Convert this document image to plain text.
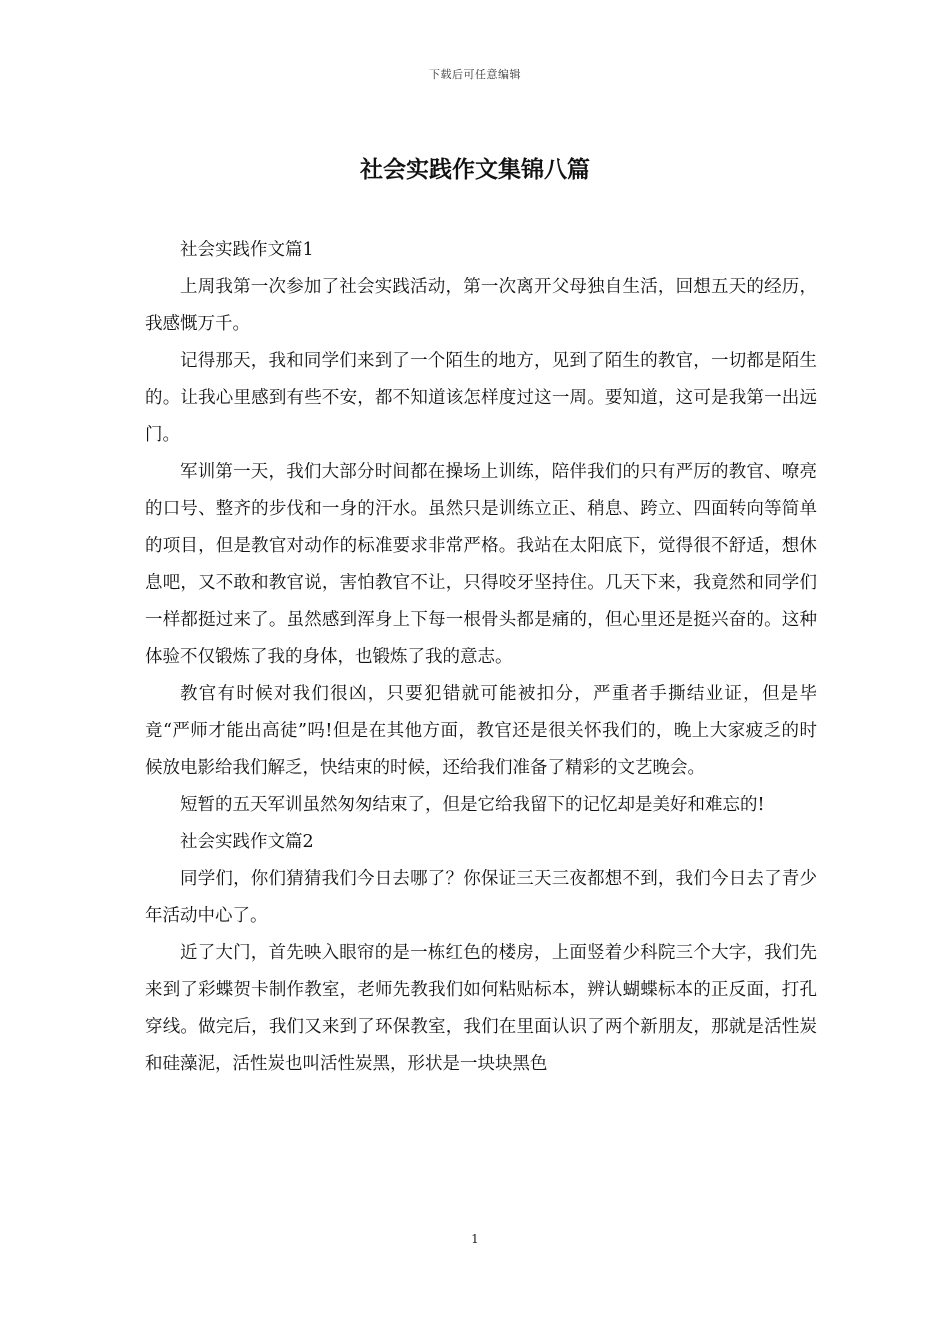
下载后可任意编辑
社会实践作文集锦八篇

社会实践作文篇1

上周我第一次参加了社会实践活动，第一次离开父母独自生活，回想五天的经历，我感慨万千。

记得那天，我和同学们来到了一个陌生的地方，见到了陌生的教官，一切都是陌生的。让我心里感到有些不安，都不知道该怎样度过这一周。要知道，这可是我第一出远门。

军训第一天，我们大部分时间都在操场上训练，陪伴我们的只有严厉的教官、嘹亮的口号、整齐的步伐和一身的汗水。虽然只是训练立正、稍息、跨立、四面转向等简单的项目，但是教官对动作的标准要求非常严格。我站在太阳底下，觉得很不舒适，想休息吧，又不敢和教官说，害怕教官不让，只得咬牙坚持住。几天下来，我竟然和同学们一样都挺过来了。虽然感到浑身上下每一根骨头都是痛的，但心里还是挺兴奋的。这种体验不仅锻炼了我的身体，也锻炼了我的意志。

教官有时候对我们很凶，只要犯错就可能被扣分，严重者手撕结业证，但是毕竟“严师才能出高徒”吗!但是在其他方面，教官还是很关怀我们的，晚上大家疲乏的时候放电影给我们解乏，快结束的时候，还给我们准备了精彩的文艺晚会。

短暂的五天军训虽然匆匆结束了，但是它给我留下的记忆却是美好和难忘的!

社会实践作文篇2

同学们，你们猜猜我们今日去哪了？你保证三天三夜都想不到，我们今日去了青少年活动中心了。

近了大门，首先映入眼帘的是一栋红色的楼房，上面竖着少科院三个大字，我们先来到了彩蝶贺卡制作教室，老师先教我们如何粘贴标本，辨认蝴蝶标本的正反面，打孔穿线。做完后，我们又来到了环保教室，我们在里面认识了两个新朋友，那就是活性炭和硅藻泥，活性炭也叫活性炭黑，形状是一块块黑色

1
